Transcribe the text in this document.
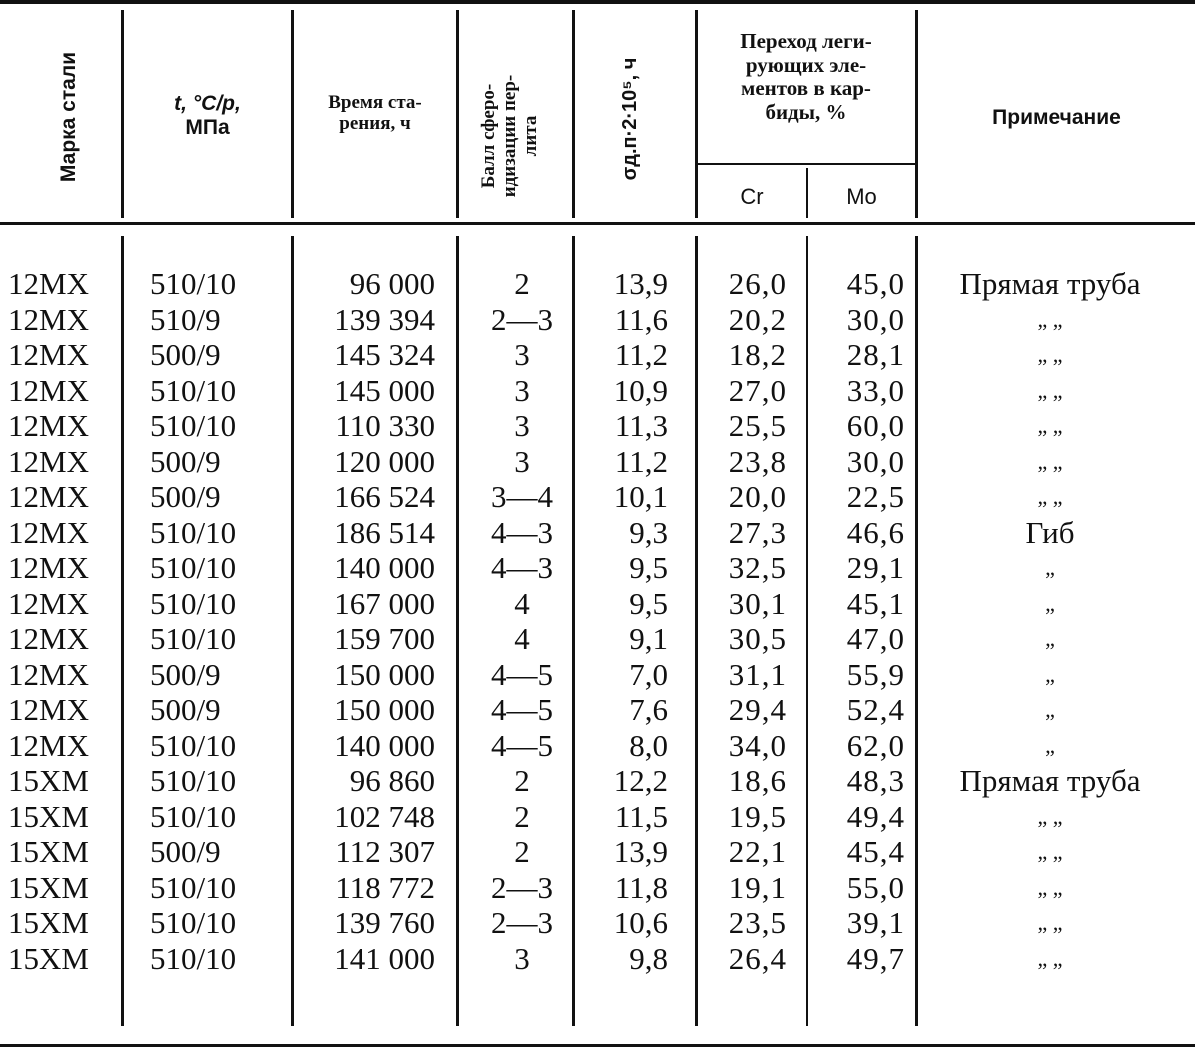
Марка стали	t, °C/p,
МПа
Время ста-
рения, ч	Балл сферо- идизации пер- лита	σд.п·2·10⁵, ч
Переход леги-
рующих эле-
ментов в кар-
биды, %
Cr	Mo
Примечание
12MX 510/10	96 000	2	13,9	26,0	45,0	Прямая труба
12MX 510/9	139 394	2—3	11,6	20,2	30,0	„ „
12MX 500/9	145 324	3	11,2	18,2	28,1	„ „
12MX 510/10	145 000	3	10,9	27,0	33,0	„ „
12MX 510/10	110 330	3	11,3	25,5	60,0	„ „
12MX 500/9	120 000	3	11,2	23,8	30,0	„ „
12MX 500/9	166 524	3—4	10,1	20,0	22,5	„ „
12MX 510/10	186 514	4—3	9,3	27,3	46,6	Гиб
12MX 510/10	140 000	4—3	9,5	32,5	29,1	„
12MX 510/10	167 000	4	9,5	30,1	45,1	„
12MX 510/10	159 700	4	9,1	30,5	47,0	„
12MX 500/9	150 000	4—5	7,0	31,1	55,9	„
12MX 500/9	150 000	4—5	7,6	29,4	52,4	„
12MX 510/10	140 000	4—5	8,0	34,0	62,0	„
15XM 510/10	96 860	2	12,2	18,6	48,3	Прямая труба
15XM 510/10	102 748	2	11,5	19,5	49,4	„ „
15XM 500/9	112 307	2	13,9	22,1	45,4	„ „
15XM 510/10	118 772	2—3	11,8	19,1	55,0	„ „
15XM 510/10	139 760	2—3	10,6	23,5	39,1	„ „
15XM 510/10	141 000	3	9,8	26,4	49,7	„ „
